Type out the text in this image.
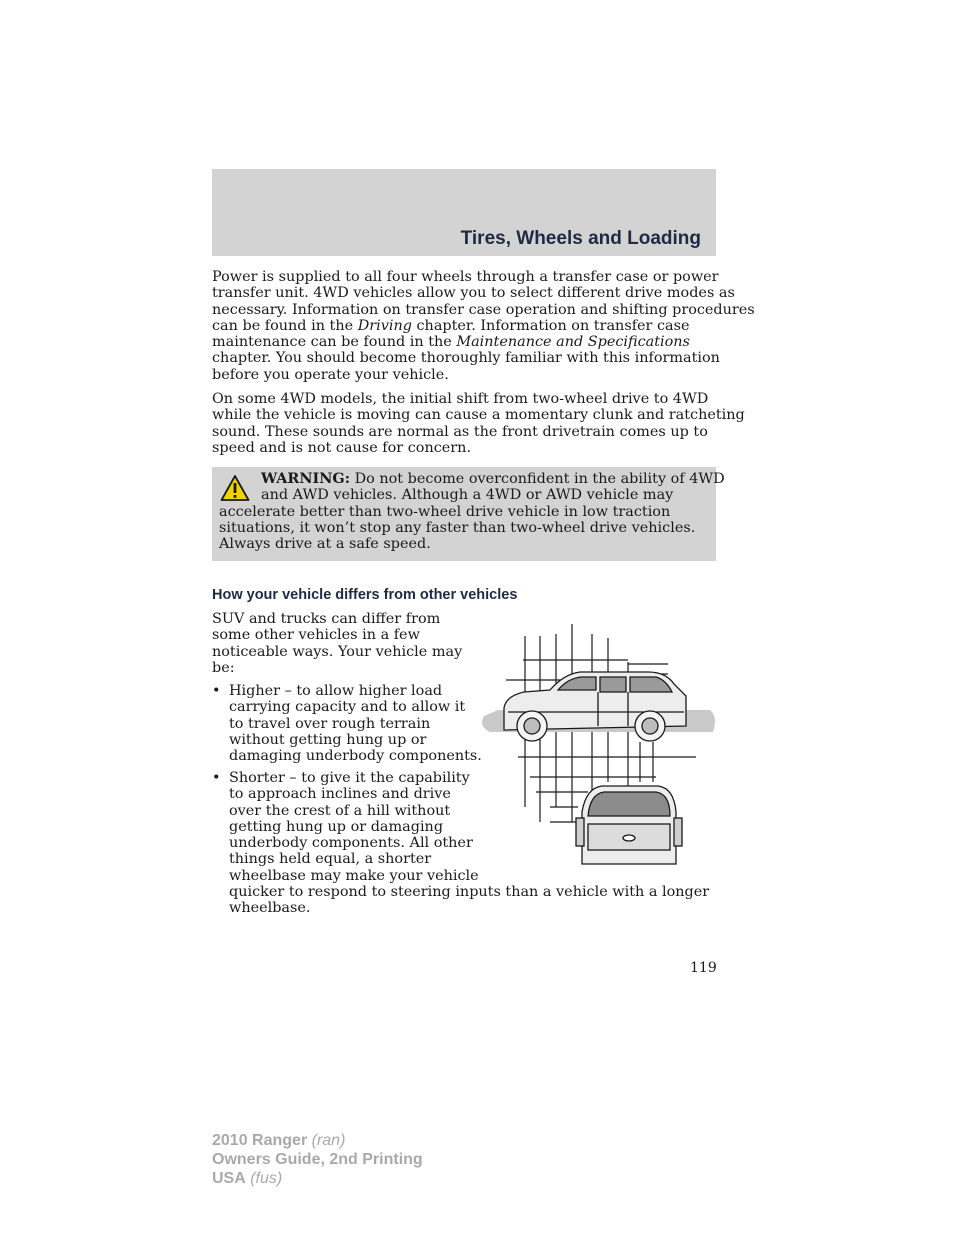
Tires, Wheels and Loading
Power is supplied to all four wheels through a transfer case or power
transfer unit. 4WD vehicles allow you to select different drive modes as
necessary. Information on transfer case operation and shifting procedures
can be found in the Driving chapter. Information on transfer case
maintenance can be found in the Maintenance and Specifications
chapter. You should become thoroughly familiar with this information
before you operate your vehicle.
On some 4WD models, the initial shift from two-wheel drive to 4WD
while the vehicle is moving can cause a momentary clunk and ratcheting
sound. These sounds are normal as the front drivetrain comes up to
speed and is not cause for concern.
WARNING: Do not become overconfident in the ability of 4WD
and AWD vehicles. Although a 4WD or AWD vehicle may
accelerate better than two-wheel drive vehicle in low traction
situations, it won’t stop any faster than two-wheel drive vehicles.
Always drive at a safe speed.
How your vehicle differs from other vehicles
SUV and trucks can differ from
some other vehicles in a few
noticeable ways. Your vehicle may
be:
• Higher – to allow higher load
carrying capacity and to allow it
to travel over rough terrain
without getting hung up or
damaging underbody components.
• Shorter – to give it the capability
to approach inclines and drive
over the crest of a hill without
getting hung up or damaging
underbody components. All other
things held equal, a shorter
wheelbase may make your vehicle
quicker to respond to steering inputs than a vehicle with a longer
wheelbase.
119
2010 Ranger (ran)
Owners Guide, 2nd Printing
USA (fus)
